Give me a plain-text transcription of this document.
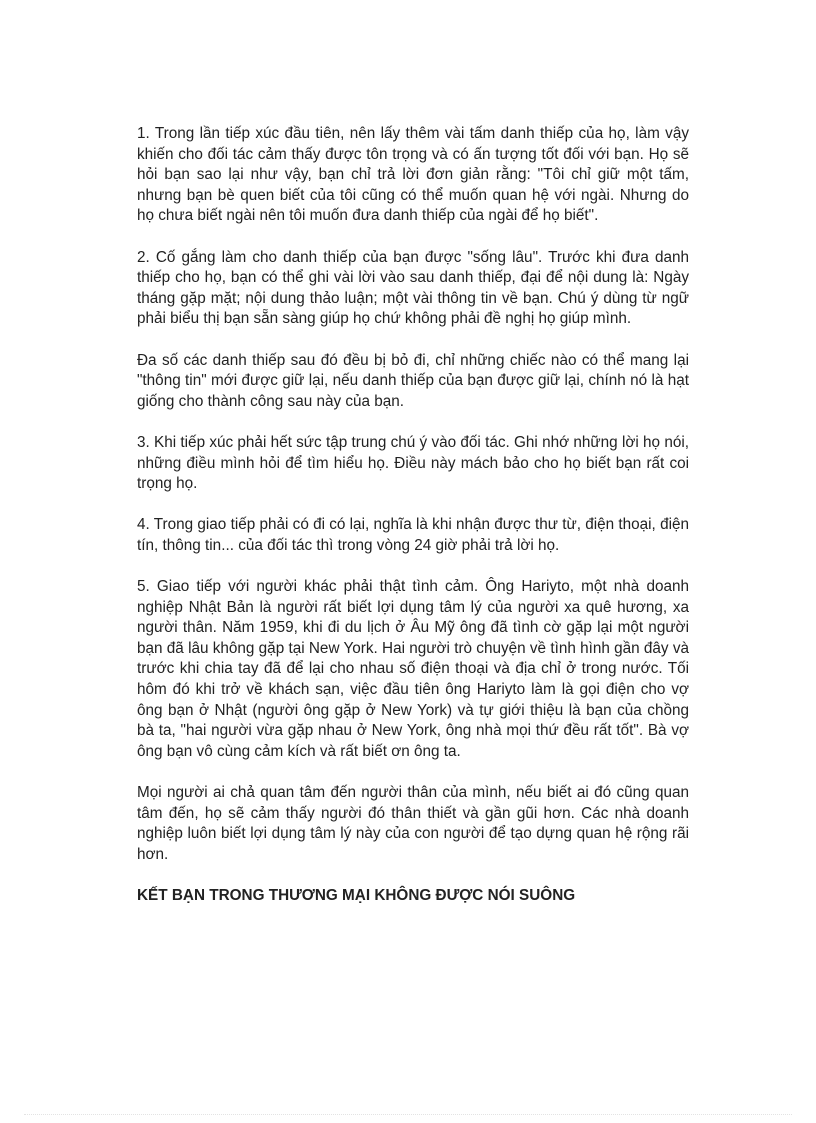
1. Trong lần tiếp xúc đầu tiên, nên lấy thêm vài tấm danh thiếp của họ, làm vậy khiến cho đối tác cảm thấy được tôn trọng và có ấn tượng tốt đối với bạn. Họ sẽ hỏi bạn sao lại như vậy, bạn chỉ trả lời đơn giản rằng: "Tôi chỉ giữ một tấm, nhưng bạn bè quen biết của tôi cũng có thể muốn quan hệ với ngài. Nhưng do họ chưa biết ngài nên tôi muốn đưa danh thiếp của ngài để họ biết".

2. Cố gắng làm cho danh thiếp của bạn được "sống lâu". Trước khi đưa danh thiếp cho họ, bạn có thể ghi vài lời vào sau danh thiếp, đại để nội dung là: Ngày tháng gặp mặt; nội dung thảo luận; một vài thông tin về bạn. Chú ý dùng từ ngữ phải biểu thị bạn sẵn sàng giúp họ chứ không phải đề nghị họ giúp mình.

Đa số các danh thiếp sau đó đều bị bỏ đi, chỉ những chiếc nào có thể mang lại "thông tin" mới được giữ lại, nếu danh thiếp của bạn được giữ lại, chính nó là hạt giống cho thành công sau này của bạn.

3. Khi tiếp xúc phải hết sức tập trung chú ý vào đối tác. Ghi nhớ những lời họ nói, những điều mình hỏi để tìm hiểu họ. Điều này mách bảo cho họ biết bạn rất coi trọng họ.

4. Trong giao tiếp phải có đi có lại, nghĩa là khi nhận được thư từ, điện thoại, điện tín, thông tin... của đối tác thì trong vòng 24 giờ phải trả lời họ.

5. Giao tiếp với người khác phải thật tình cảm. Ông Hariyto, một nhà doanh nghiệp Nhật Bản là người rất biết lợi dụng tâm lý của người xa quê hương, xa người thân. Năm 1959, khi đi du lịch ở Âu Mỹ ông đã tình cờ gặp lại một người bạn đã lâu không gặp tại New York. Hai người trò chuyện về tình hình gần đây và trước khi chia tay đã để lại cho nhau số điện thoại và địa chỉ ở trong nước. Tối hôm đó khi trở về khách sạn, việc đầu tiên ông Hariyto làm là gọi điện cho vợ ông bạn ở Nhật (người ông gặp ở New York) và tự giới thiệu là bạn của chồng bà ta, "hai người vừa gặp nhau ở New York, ông nhà mọi thứ đều rất tốt". Bà vợ ông bạn vô cùng cảm kích và rất biết ơn ông ta.

Mọi người ai chả quan tâm đến người thân của mình, nếu biết ai đó cũng quan tâm đến, họ sẽ cảm thấy người đó thân thiết và gần gũi hơn. Các nhà doanh nghiệp luôn biết lợi dụng tâm lý này của con người để tạo dựng quan hệ rộng rãi hơn.

KẾT BẠN TRONG THƯƠNG MẠI KHÔNG ĐƯỢC NÓI SUÔNG
